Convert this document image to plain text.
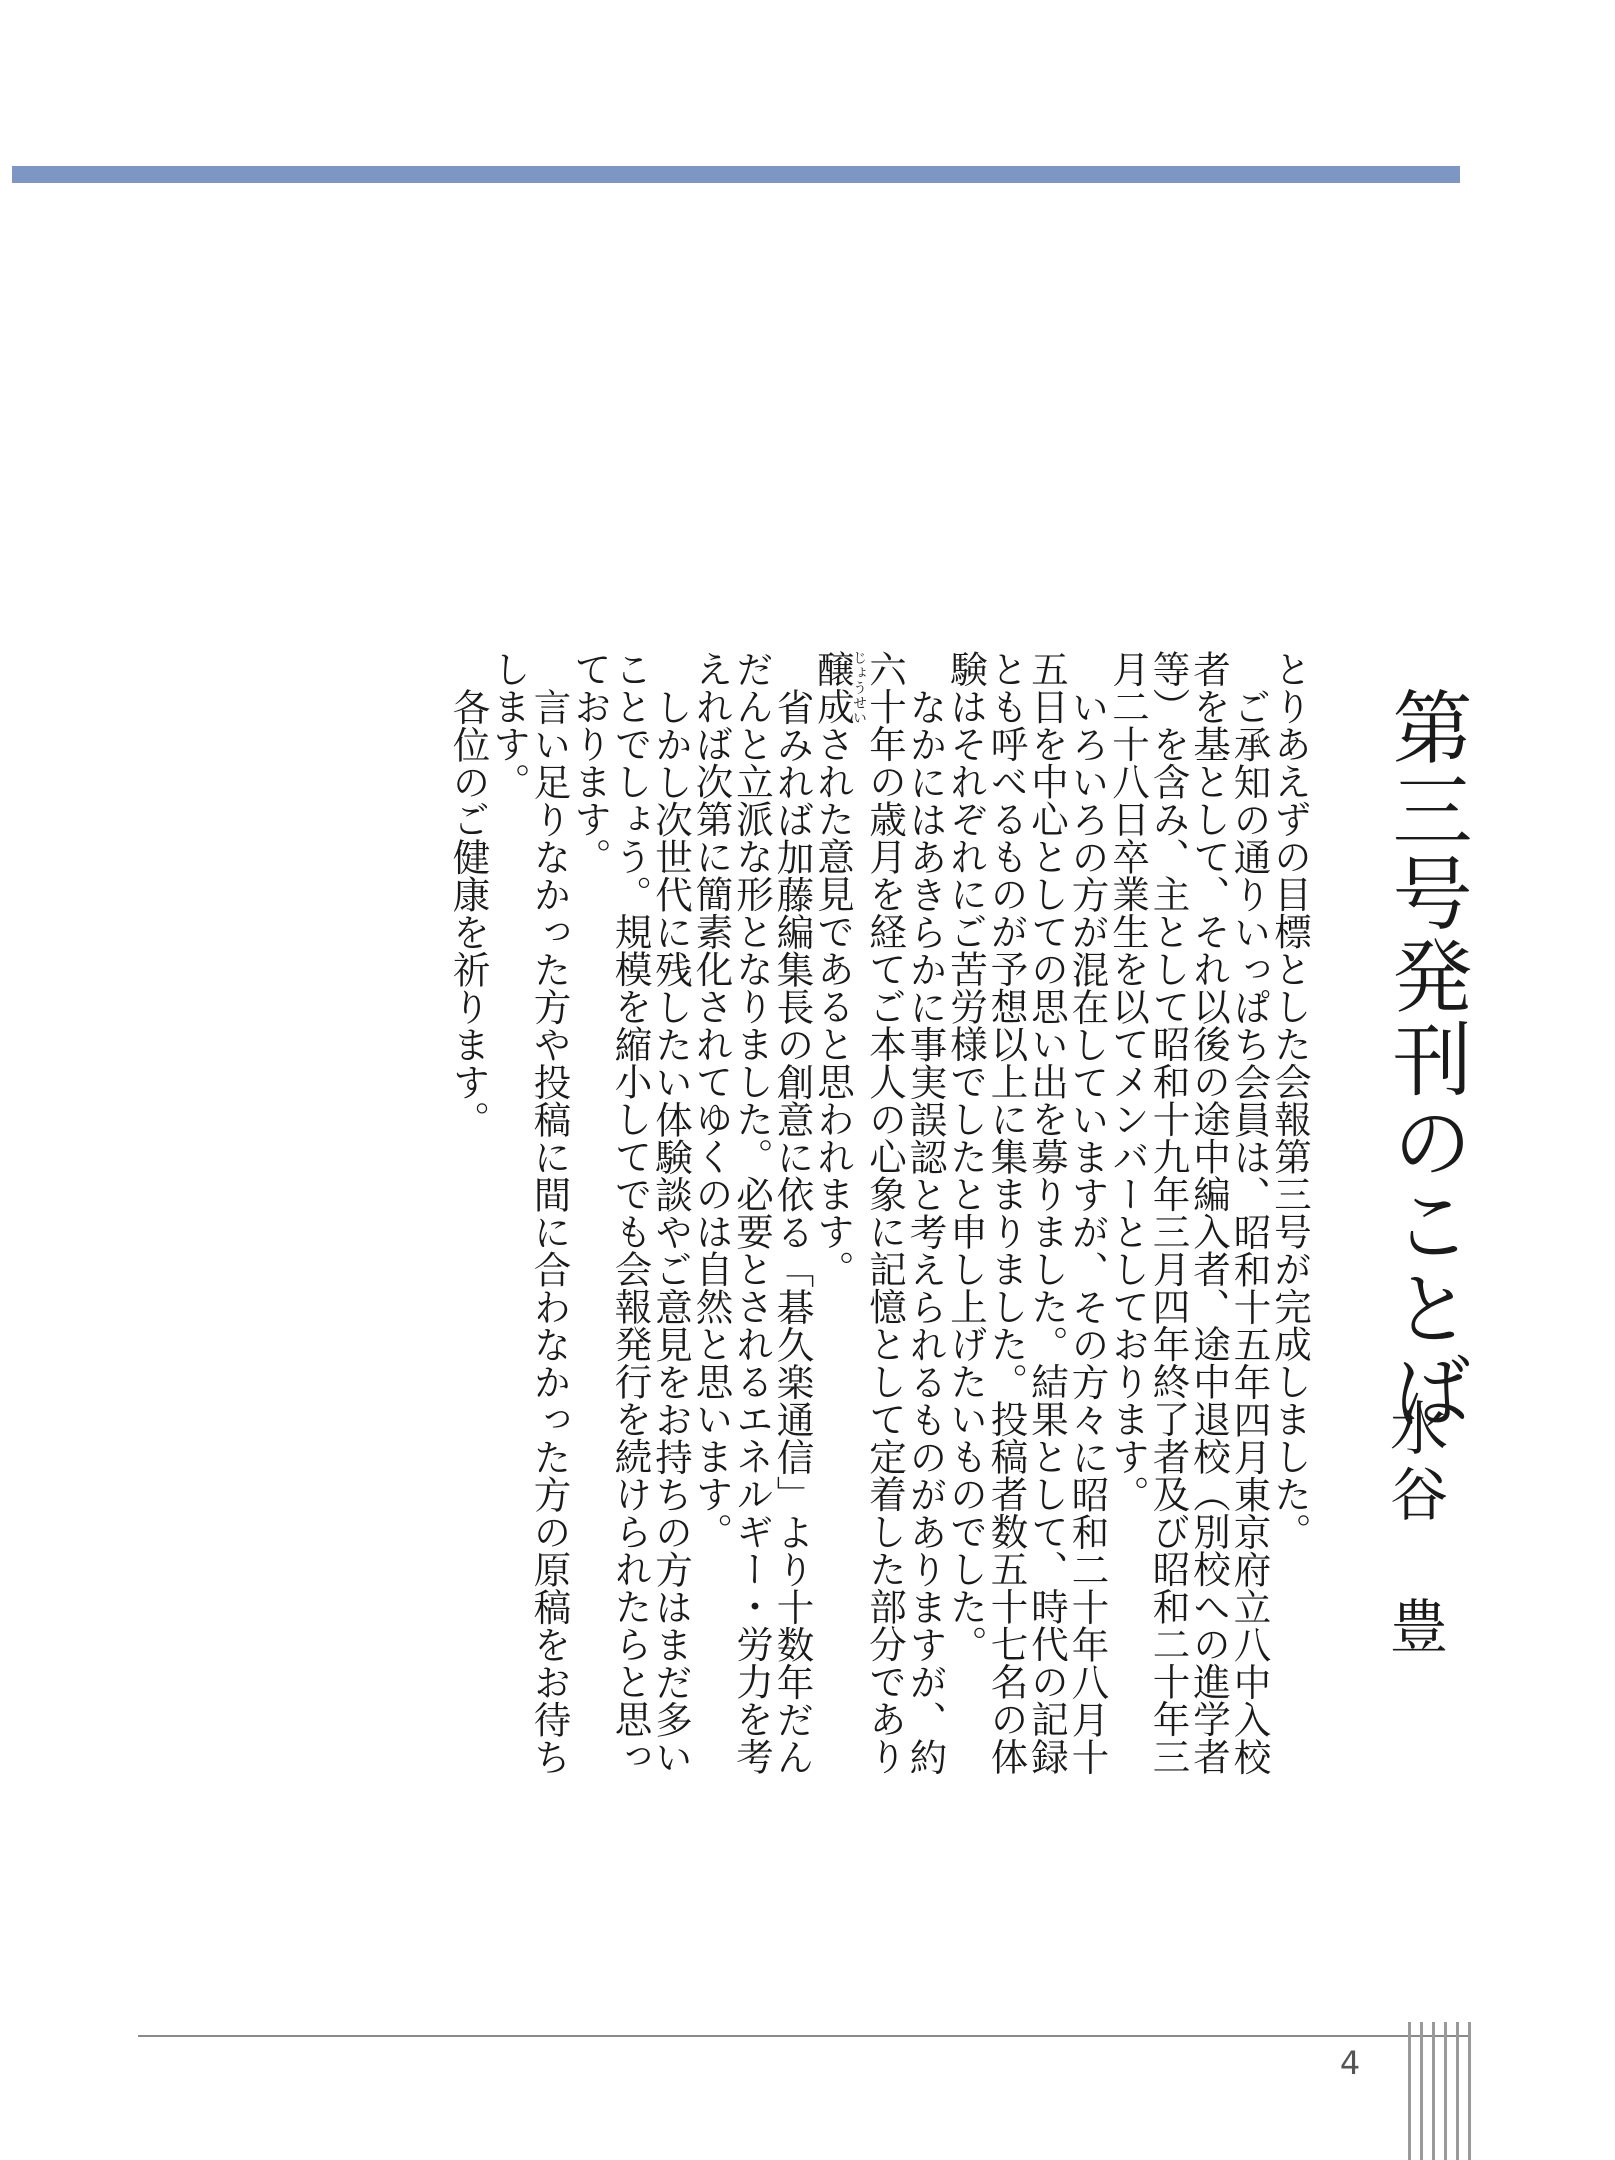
第三号発刊のことば
水谷　豊

とりあえずの目標とした会報第三号が完成しました。

ご承知の通りいっぱち会員は、昭和十五年四月東京府立八中入校者を基として、それ以後の途中編入者、途中退校（別校への進学者等）を含み、主として昭和十九年三月四年終了者及び昭和二十年三月二十八日卒業生を以てメンバーとしております。

いろいろの方が混在していますが、その方々に昭和二十年八月十五日を中心としての思い出を募りました。結果として、時代の記録とも呼べるものが予想以上に集まりました。投稿者数五十七名の体験はそれぞれにご苦労様でしたと申し上げたいものでした。

なかにはあきらかに事実誤認と考えられるものがありますが、約六十年の歳月を経てご本人の心象に記憶として定着した部分であり醸成じょうせいされた意見であると思われます。

省みれば加藤編集長の創意に依る「碁久楽通信」より十数年だんだんと立派な形となりました。必要とされるエネルギー・労力を考えれば次第に簡素化されてゆくのは自然と思います。

しかし次世代に残したい体験談やご意見をお持ちの方はまだ多いことでしょう。規模を縮小してでも会報発行を続けられたらと思っております。

言い足りなかった方や投稿に間に合わなかった方の原稿をお待ちします。

各位のご健康を祈ります。

4
